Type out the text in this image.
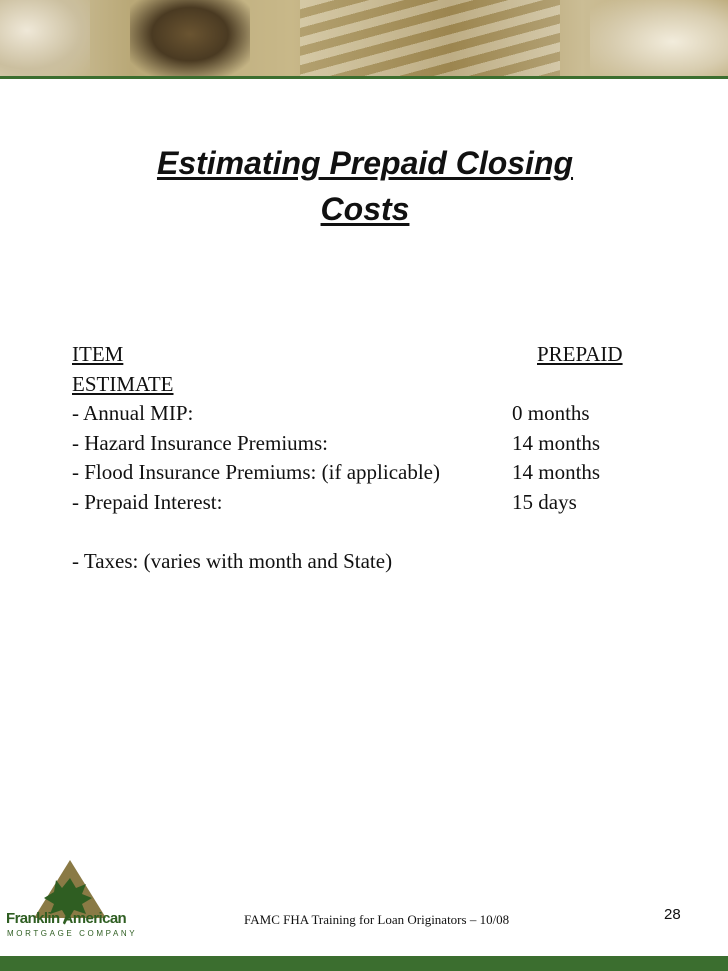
Estimating Prepaid Closing
Costs
ITEM	PREPAID
ESTIMATE
- Annual MIP:	0 months
- Hazard Insurance Premiums:	14 months
- Flood Insurance Premiums: (if applicable)	14 months
- Prepaid Interest:	15 days
- Taxes: (varies with month and State)
Franklin American
MORTGAGE COMPANY
FAMC FHA Training for Loan Originators – 10/08	28
